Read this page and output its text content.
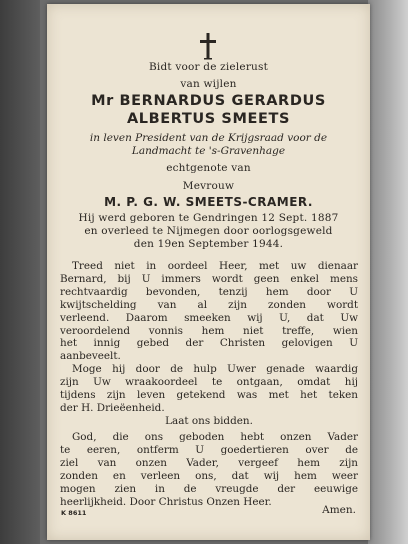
Bidt voor de zielerust
van wijlen
Mr BERNARDUS GERARDUS
ALBERTUS SMEETS
in leven President van de Krijgsraad voor de
Landmacht te 's-Gravenhage
echtgenote van
Mevrouw
M. P. G. W. SMEETS-CRAMER.
Hij werd geboren te Gendringen 12 Sept. 1887
en overleed te Nijmegen door oorlogsgeweld
den 19en September 1944.
Treed niet in oordeel Heer, met uw dienaar
Bernard, bij U immers wordt geen enkel mens
rechtvaardig bevonden, tenzij hem door U
kwijtschelding van al zijn zonden wordt
verleend. Daarom smeeken wij U, dat Uw
veroordelend vonnis hem niet treffe, wien
het innig gebed der Christen gelovigen U
aanbeveelt.
Moge hij door de hulp Uwer genade waardig
zijn Uw wraakoordeel te ontgaan, omdat hij
tijdens zijn leven getekend was met het teken
der H. Drieëenheid.
Laat ons bidden.
God, die ons geboden hebt onzen Vader
te eeren, ontferm U goedertieren over de
ziel van onzen Vader, vergeef hem zijn
zonden en verleen ons, dat wij hem weer
mogen zien in de vreugde der eeuwige
heerlijkheid. Door Christus Onzen Heer.
K 8611	Amen.
